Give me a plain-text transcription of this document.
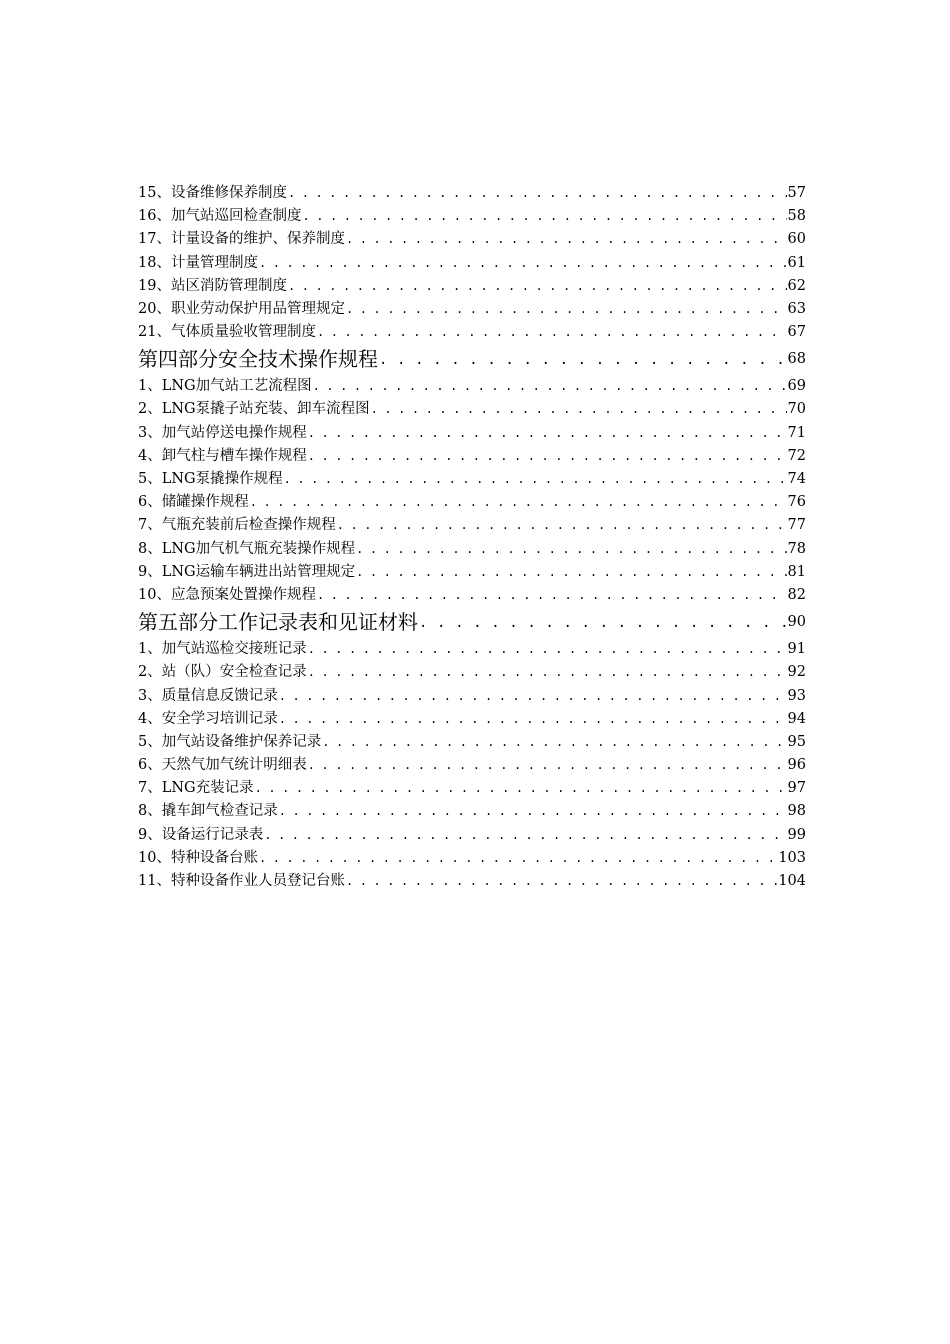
15、设备维修保养制度 . . .	57
16、加气站巡回检查制度 . . .	58
17、计量设备的维护、保养制度 . . .	60
18、计量管理制度 . . .	61
19、站区消防管理制度 . . .	62
20、职业劳动保护用品管理规定 . . .	63
21、气体质量验收管理制度 . . .	67
第四部分安全技术操作规程 . . .	68
1、LNG加气站工艺流程图 . . .	69
2、LNG泵撬子站充装、卸车流程图 . . .	70
3、加气站停送电操作规程 . . .	71
4、卸气柱与槽车操作规程 . . .	72
5、LNG泵撬操作规程 . . .	74
6、储罐操作规程 . . .	76
7、气瓶充装前后检查操作规程 . . .	77
8、LNG加气机气瓶充装操作规程 . . .	78
9、LNG运输车辆进出站管理规定 . . .	81
10、应急预案处置操作规程 . . .	82
第五部分工作记录表和见证材料 . . .	90
1、加气站巡检交接班记录 . . .	91
2、站（队）安全检查记录 . . .	92
3、质量信息反馈记录 . . .	93
4、安全学习培训记录 . . .	94
5、加气站设备维护保养记录 . . .	95
6、天然气加气统计明细表 . . .	96
7、LNG充装记录 . . .	97
8、撬车卸气检查记录 . . .	98
9、设备运行记录表 . . .	99
10、特种设备台账 . . .	103
11、特种设备作业人员登记台账 . . .	104
